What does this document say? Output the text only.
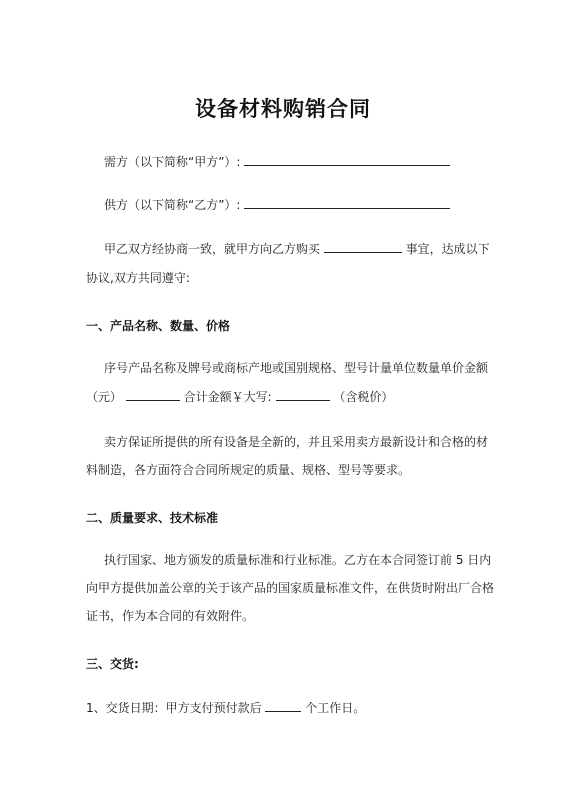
设备材料购销合同
需方（以下简称“甲方”）:
供方（以下简称“乙方”）:
甲乙双方经协商一致，就甲方向乙方购买	事宜，达成以下
协议,双方共同遵守:
一、产品名称、数量、价格
序号产品名称及牌号或商标产地或国别规格、型号计量单位数量单价金额
（元）	合计金额￥大写:	（含税价）
卖方保证所提供的所有设备是全新的，并且采用卖方最新设计和合格的材
料制造，各方面符合合同所规定的质量、规格、型号等要求。
二、质量要求、技术标准
执行国家、地方颁发的质量标准和行业标准。乙方在本合同签订前 5 日内
向甲方提供加盖公章的关于该产品的国家质量标准文件，在供货时附出厂合格
证书，作为本合同的有效附件。
三、交货:
1、交货日期：甲方支付预付款后	个工作日。
